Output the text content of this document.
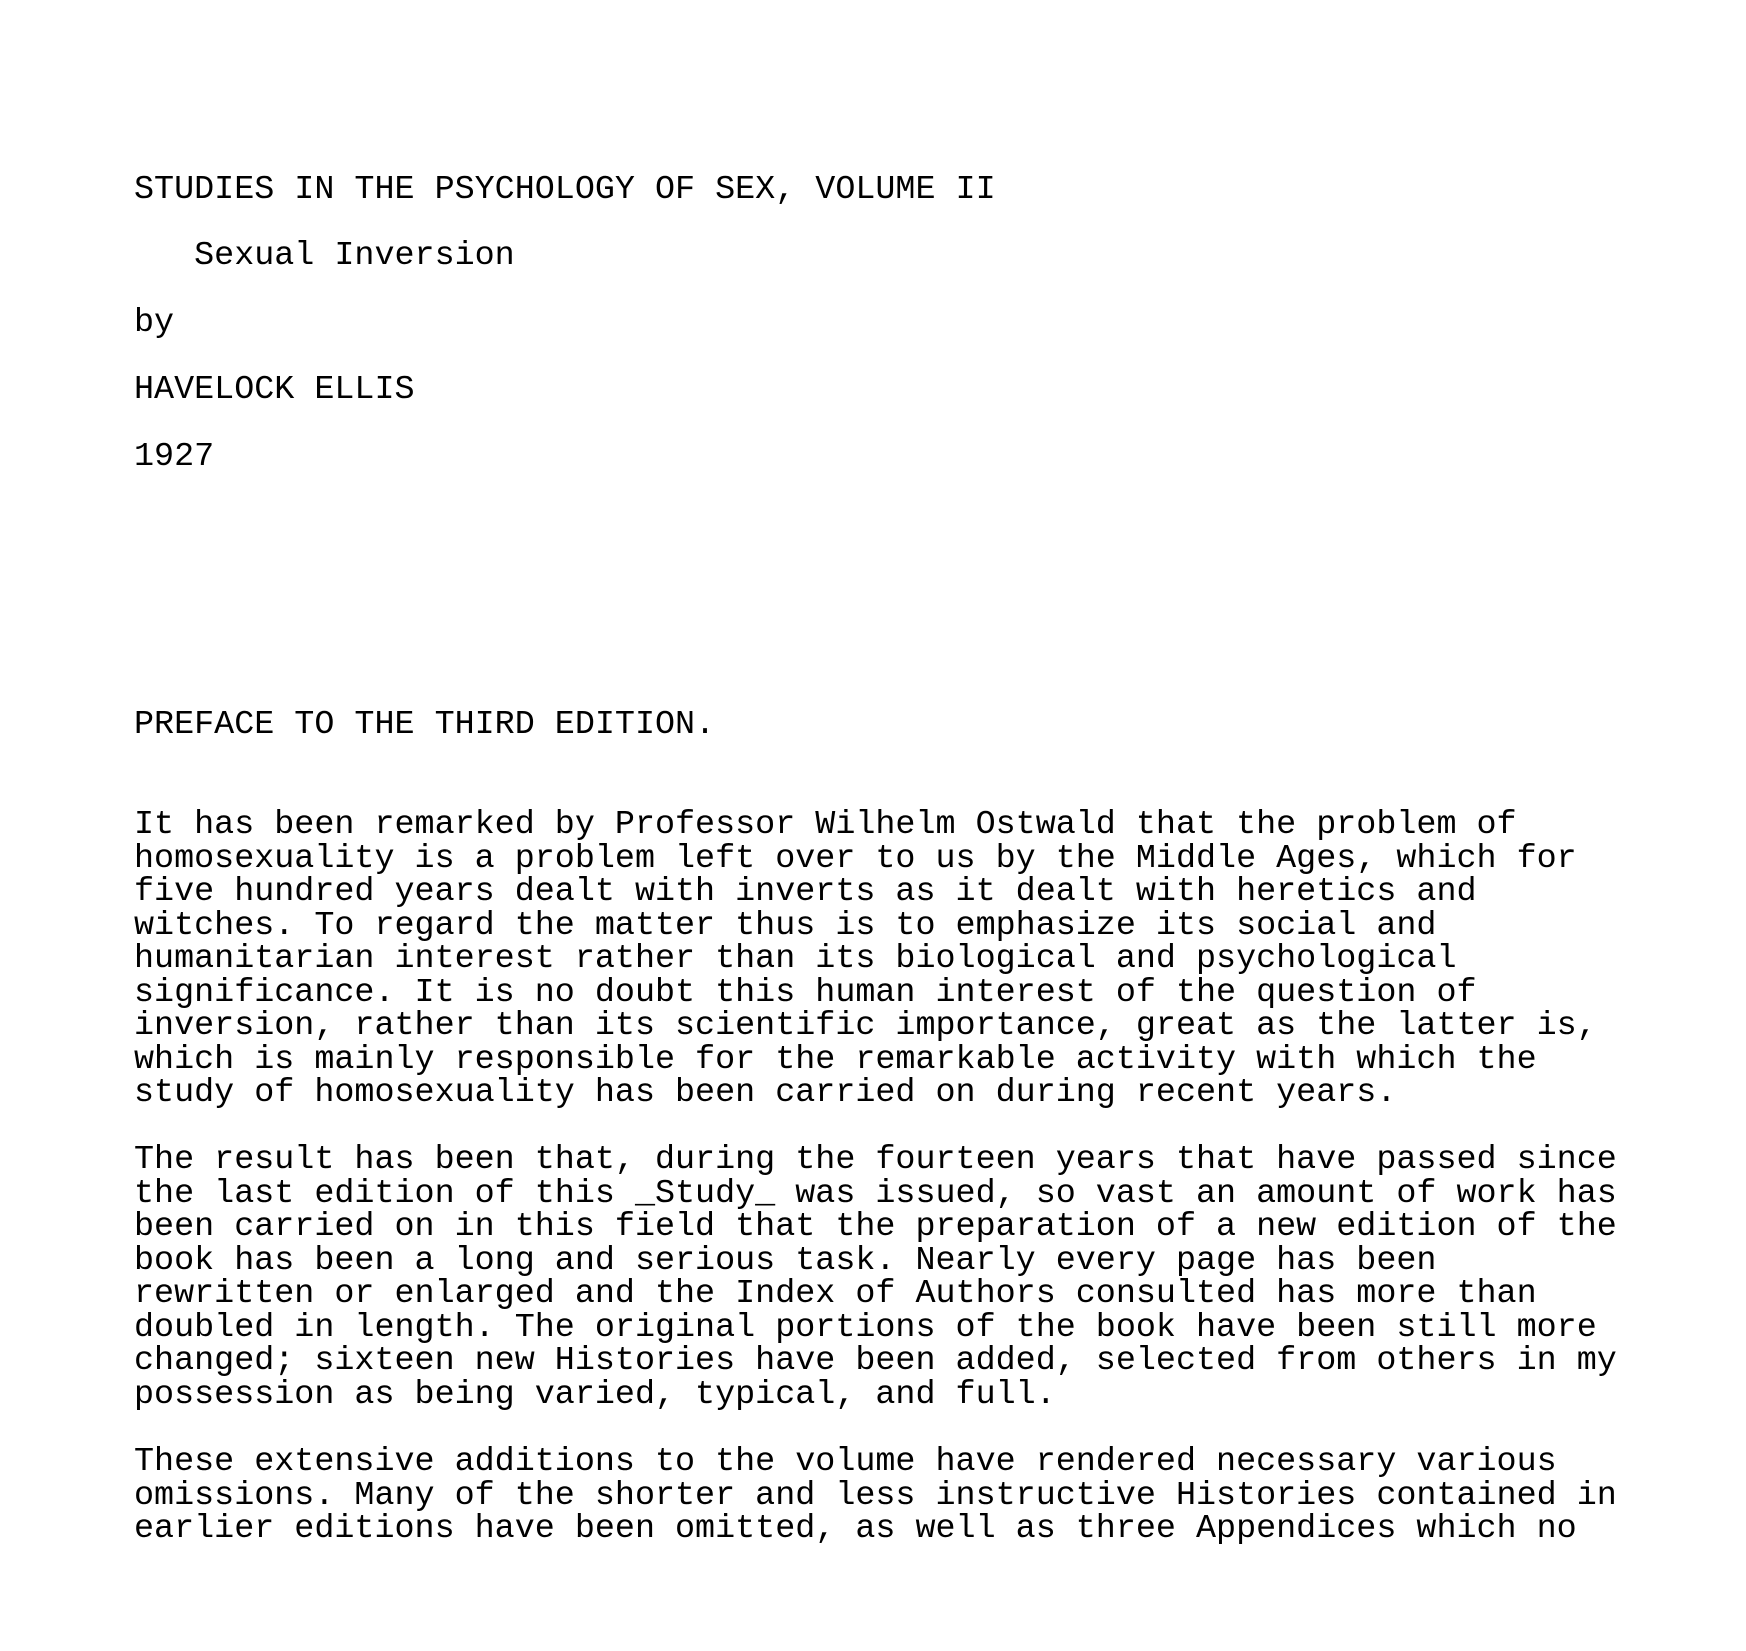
STUDIES IN THE PSYCHOLOGY OF SEX, VOLUME II

Sexual Inversion

by

HAVELOCK ELLIS

1927

PREFACE TO THE THIRD EDITION.

It has been remarked by Professor Wilhelm Ostwald that the problem of
homosexuality is a problem left over to us by the Middle Ages, which for
five hundred years dealt with inverts as it dealt with heretics and
witches. To regard the matter thus is to emphasize its social and
humanitarian interest rather than its biological and psychological
significance. It is no doubt this human interest of the question of
inversion, rather than its scientific importance, great as the latter is,
which is mainly responsible for the remarkable activity with which the
study of homosexuality has been carried on during recent years.

The result has been that, during the fourteen years that have passed since
the last edition of this _Study_ was issued, so vast an amount of work has
been carried on in this field that the preparation of a new edition of the
book has been a long and serious task. Nearly every page has been
rewritten or enlarged and the Index of Authors consulted has more than
doubled in length. The original portions of the book have been still more
changed; sixteen new Histories have been added, selected from others in my
possession as being varied, typical, and full.

These extensive additions to the volume have rendered necessary various
omissions. Many of the shorter and less instructive Histories contained in
earlier editions have been omitted, as well as three Appendices which no
